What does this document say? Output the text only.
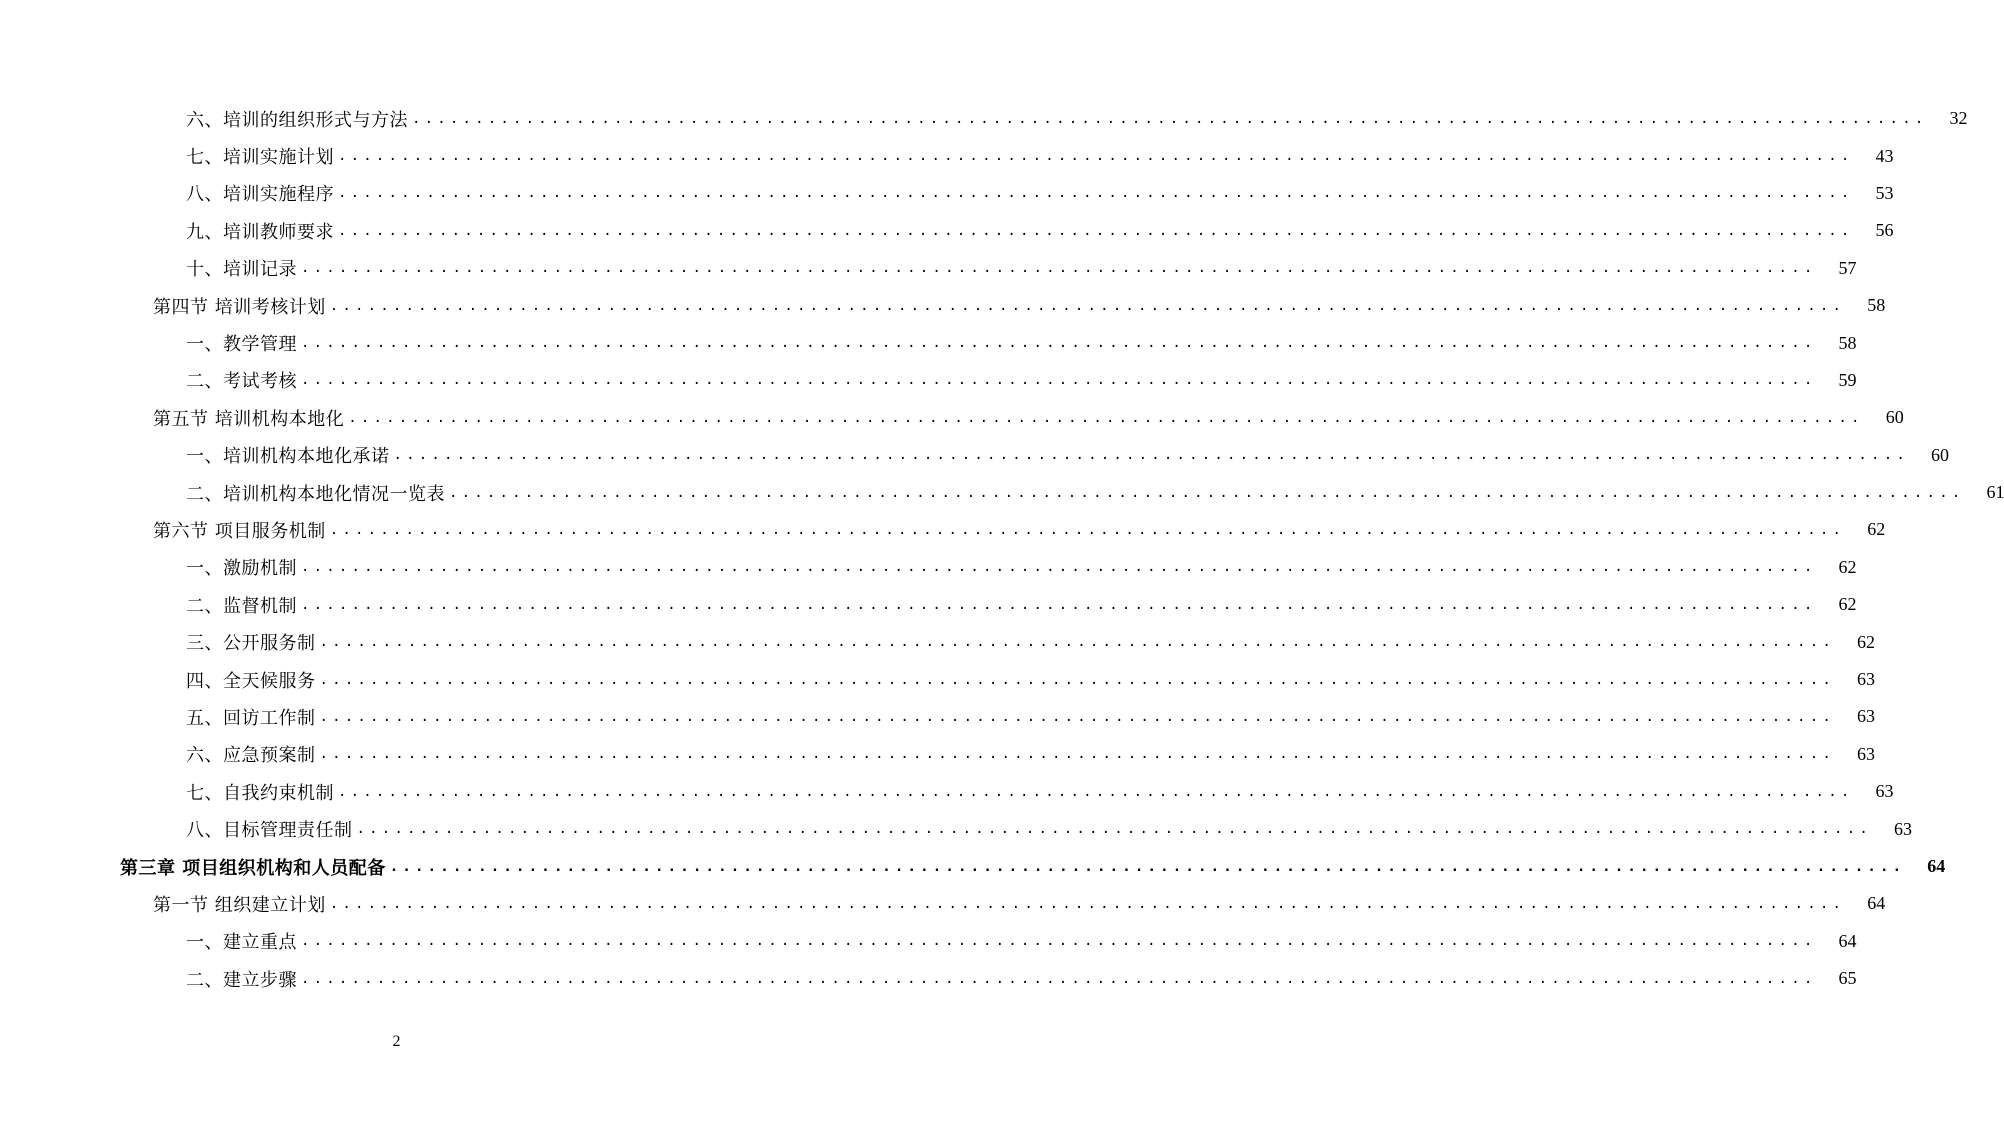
六、培训的组织形式与方法 ........................................................................................................................	32
七、培训实施计划 ........................................................................................................................	43
八、培训实施程序 ........................................................................................................................	53
九、培训教师要求 ........................................................................................................................	56
十、培训记录 ........................................................................................................................	57
第四节 培训考核计划 ........................................................................................................................	58
一、教学管理 ........................................................................................................................	58
二、考试考核 ........................................................................................................................	59
第五节 培训机构本地化 ........................................................................................................................	60
一、培训机构本地化承诺 ........................................................................................................................	60
二、培训机构本地化情况一览表 ........................................................................................................................	61
第六节 项目服务机制 ........................................................................................................................	62
一、激励机制 ........................................................................................................................	62
二、监督机制 ........................................................................................................................	62
三、公开服务制 ........................................................................................................................	62
四、全天候服务 ........................................................................................................................	63
五、回访工作制 ........................................................................................................................	63
六、应急预案制 ........................................................................................................................	63
七、自我约束机制 ........................................................................................................................	63
八、目标管理责任制 ........................................................................................................................	63
第三章 项目组织机构和人员配备 ........................................................................................................................	64
第一节 组织建立计划 ........................................................................................................................	64
一、建立重点 ........................................................................................................................	64
二、建立步骤 ........................................................................................................................	65
2
